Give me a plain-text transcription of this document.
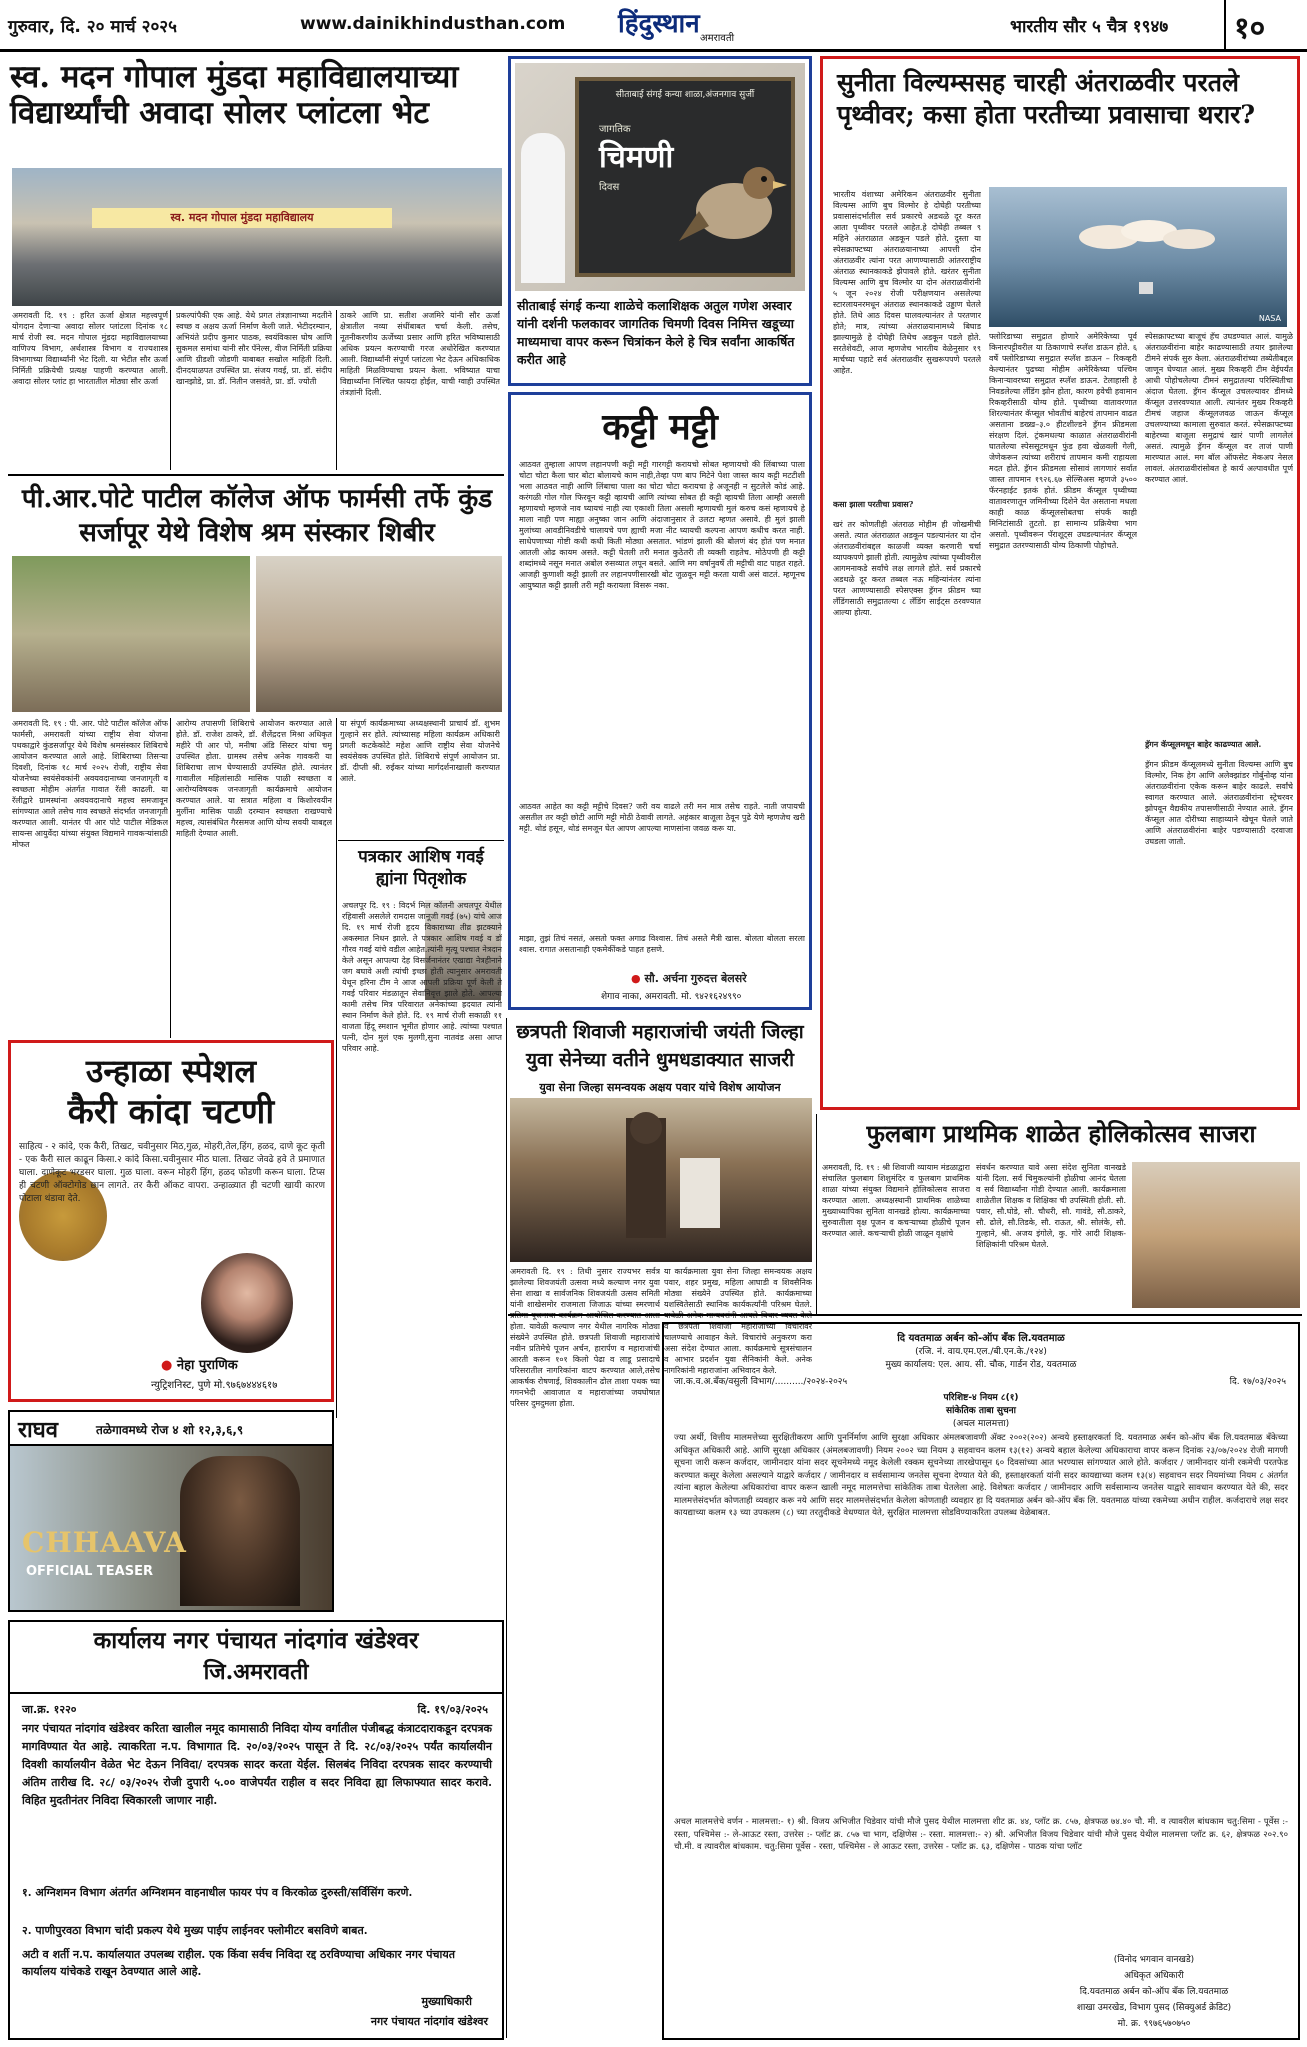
गुरुवार, दि. २० मार्च २०२५	www.dainikhindusthan.com हिंदुस्थान अमरावती
भारतीय सौर ५ चैत्र १९४७ १०
स्व. मदन गोपाल मुंडदा महाविद्यालयाच्या विद्यार्थ्यांची अवादा सोलर प्लांटला भेट
स्व. मदन गोपाल मुंडदा महाविद्यालय
अमरावती दि. १९ : हरित ऊर्जा क्षेत्रात महत्त्वपूर्ण योगदान देणाऱ्या अवादा सोलर प्लांटला दिनांक १८ मार्च रोजी स्व. मदन गोपाल मुंडदा महाविद्यालयाच्या वाणिज्य विभाग, अर्थशास्त्र विभाग व राज्यशास्त्र विभागाच्या विद्यार्थ्यांनी भेट दिली. या भेटीत सौर ऊर्जा निर्मिती प्रक्रियेची प्रत्यक्ष पाहणी करण्यात आली. अवादा सोलर प्लांट हा भारतातील मोठ्या सौर ऊर्जा
प्रकल्पांपैकी एक आहे. येथे प्रगत तंत्रज्ञानाच्या मदतीने स्वच्छ व अक्षय ऊर्जा निर्माण केली जाते. भेटीदरम्यान, अभियंते प्रदीप कुमार पाठक, स्वयंविकास घोष आणि सुकमल समांथा यांनी सौर पॅनेल्स, वीज निर्मिती प्रक्रिया आणि ग्रीडशी जोडणी याबाबत सखोल माहिती दिली. दीनदयाळपत उपस्थित प्रा. संजय गवई, प्रा. डॉ. संदीप खानझोडे, प्रा. डॉ. नितीन जसवंते, प्रा. डॉ. ज्योती
ठाकरे आणि प्रा. सतीश अजमिरे यांनी सौर ऊर्जा क्षेत्रातील नव्या संधींबाबत चर्चा केली. तसेच, नूतनीकरणीय ऊर्जेच्या प्रसार आणि हरित भविष्यासाठी अधिक प्रयत्न करण्याची गरज अधोरेखित करण्यात आली. विद्यार्थ्यांनी संपूर्ण प्लांटला भेट देऊन अधिकाधिक माहिती मिळविण्याचा प्रयत्न केला. भविष्यात याचा विद्यार्थ्यांना निश्चित फायदा होईल, याची ग्वाही उपस्थित तंत्रज्ञांनी दिली.
सीताबाई संगई कन्या शाळा,अंजनगाव सुर्जी
जागतिक
चिमणी
दिवस
सीताबाई संगई कन्या शाळेचे कलाशिक्षक अतुल गणेश अस्वार यांनी दर्शनी फलकावर जागतिक चिमणी दिवस निमित्त खडूच्या माध्यमाचा वापर करून चित्रांकन केले हे चित्र सर्वांना आकर्षित करीत आहे
सुनीता विल्यम्ससह चारही अंतराळवीर परतले पृथ्वीवर; कसा होता परतीच्या प्रवासाचा थरार?
भारतीय वंशाच्या अमेरिकन अंतराळवीर सुनीता विल्यम्स आणि बुच विल्मोर हे दोघेही परतीच्या प्रवासासंदर्भातील सर्व प्रकारचे अडथळे दूर करत आता पृथ्वीवर परतले आहेत.हे दोघेही तब्बल ९ महिने अंतराळात अडकून पडले होते. दुस्ता या स्पेसक्राफ्टच्या अंतराळयानाच्या आपत्ती दोन अंतराळवीर त्यांना परत आणण्यासाठी आंतरराष्ट्रीय अंतराळ स्थानकाकडे झेपावले होते. खरंतर सुनीता विल्यम्स आणि बुच विल्मोर या दोन अंतराळवीरांनी ५ जून २०२४ रोजी परीक्षणयान असलेल्या स्टारलायनरमधून अंतराळ स्थानकाकडे उड्डाण घेतले होते. तिथे आठ दिवस घालवल्यानंतर ते परतणार होते; मात्र, त्यांच्या अंतराळयानामध्ये बिघाड झाल्यामुळे हे दोघेही तिथेच अडकून पडले होते. सरतेशेवटी, आज म्हणजेच भारतीय वेळेनुसार १९ मार्चच्या पहाटे सर्व अंतराळवीर सुखरूपपणे परतले आहेत.
NASA
कसा झाला परतीचा प्रवास?
खरं तर कोणतीही अंतराळ मोहीम ही जोखमीची असते. त्यात अंतराळात अडकून पडल्यानंतर या दोन अंतराळवीरांबद्दल काळजी व्यक्त करणारी चर्चा व्यापकपणे झाली होती. त्यामुळेच त्यांच्या पृथ्वीवरील आगमनाकडे सर्वांचे लक्ष लागले होते. सर्व प्रकारचे अडथळे दूर करत तब्बल नऊ महिन्यांनंतर त्यांना परत आणण्यासाठी स्पेसएक्स ड्रॅगन फ्रीडम च्या लँडिंगसाठी समुद्रातल्या ८ लँडिंग साईट्स ठरवण्यात आल्या होत्या.
फ्लोरिडाच्या समुद्रात होणारे अमेरिकेच्या पूर्व किनारपट्टीवरील या ठिकाणाचे स्प्लॅश डाऊन होते. ६ वर्षे फ्लोरिडाच्या समुद्रात स्प्लॅश डाऊन – रिकव्हरी केल्यानंतर पुढच्या मोहीम अमेरिकेच्या पश्चिम किनाऱ्यावरच्या समुद्रात स्प्लॅश डाऊन. टेलाहासी हे निवडलेल्या लँडिंग झोन होता, कारण हवेची हवामान रिकव्हरीसाठी योग्य होते. पृथ्वीच्या वातावरणात शिरल्यानंतर कॅप्सूल भोवतीचं बाहेरचं तापमान वाढत असताना डख्ख–३.० हीटशील्डने ड्रॅगन फ्रीडमला संरक्षण दिलं. ट्रंकमधल्या काळात अंतराळवीरांनी घातलेल्या स्पेससूटमधून फुंड हवा खेळवली गेली, जेणेकरून त्यांच्या शरीराचं तापमान कमी राहायला मदत होते. ड्रॅगन फ्रीडमला सोसावं लागणारं सर्वात जास्त तापमान १९२६.६७ सेल्सिअस म्हणजे ३५०० फॅरनहाईट इतकं होतं. फ्रीडम कॅप्सूल पृथ्वीच्या वातावरणातून जमिनीच्या दिशेने येत असताना मधला काही काळ कॅप्सूलसोबतचा संपर्क काही मिनिटांसाठी तुटतो. हा सामान्य प्रक्रियेचा भाग असतो. पृथ्वीवरून पॅराशूट्स उघडल्यानंतर कॅप्सूल समुद्रात उतरण्यासाठी योग्य ठिकाणी पोहोचते.
स्पेसक्राफ्टच्या बाजूचं हॅच उघडण्यात आलं. यामुळे अंतराळवीरांना बाहेर काढण्यासाठी तयार झालेल्या टीमने संपर्क सुरु केला. अंतराळवीरांच्या तब्येतीबद्दल जाणून घेण्यात आलं. मुख्य रिकव्हरी टीम वेईपर्यंत आधी पोहोचलेल्या टीमनं समुद्रातल्या परिस्थितीचा अंदाज घेतला. ड्रॅगन कॅप्सूल उचलल्यावर डीमध्ये कॅप्सूल उत्तरवण्यात आली. त्यानंतर मुख्य रिकव्हरी टीमचं जहाज कॅप्सूलजवळ जाऊन कॅप्सूल उचलण्याच्या कामाला सुरुवात करतं. स्पेसक्राफ्टच्या बाहेरच्या बाजूला समुद्राचं खारं पाणी लागलेलं असतं. त्यामुळे ड्रॅगन कॅप्सूल वर ताजं पाणी मारण्यात आलं. मग बॉल ऑफसेट मेकअप नेसल लावलं. अंतराळवीरांसोबत हे कार्य अल्पावधीत पूर्ण करण्यात आलं.
ड्रॅगन कॅप्सूलमधून बाहेर काढण्यात आले.
ड्रॅगन फ्रीडम कॅप्सूलमध्ये सुनीता विल्यम्स आणि बुच विल्मोर, निक हेग आणि अलेक्झांडर गोर्बुनोव्ह यांना अंतराळवीरांना एकेक करून बाहेर काढले. सर्वांचे स्वागत करण्यात आले. अंतराळवीरांना स्ट्रेचरवर झोपवून वैद्यकीय तपासणीसाठी नेण्यात आले. ड्रॅगन कॅप्सूल आत दोरीच्या साहाय्याने खेचून घेतले जाते आणि अंतराळवीरांना बाहेर पडण्यासाठी दरवाजा उघडला जातो.
पी.आर.पोटे पाटील कॉलेज ऑफ फार्मसी तर्फे कुंड सर्जापूर येथे विशेष श्रम संस्कार शिबीर
अमरावती दि. १९ : पी. आर. पोटे पाटील कॉलेज ऑफ फार्मसी, अमरावती यांच्या राष्ट्रीय सेवा योजना पथकाद्वारे कुंडसर्जापूर येथे विशेष श्रमसंस्कार शिबिराचे आयोजन करण्यात आले आहे. शिबिराच्या तिसऱ्या दिवशी, दिनांक १८ मार्च २०२५ रोजी, राष्ट्रीय सेवा योजनेच्या स्वयंसेवकांनी अवयवदानाच्या जनजागृती व स्वच्छता मोहीम अंतर्गत गावात रॅली काढली. या रॅलीद्वारे ग्रामस्थांना अवयवदानाचे महत्त्व समजावून सांगण्यात आले तसेच गाव स्वच्छते संदर्भात जनजागृती करण्यात आली. यानंतर पी आर पोटे पाटील मेडिकल सायन्स आयुर्वेदा यांच्या संयुक्त विद्यमाने गावकऱ्यांसाठी मोफत
आरोग्य तपासणी शिबिराचे आयोजन करण्यात आले होते. डॉ. राजेश ठाकरे, डॉ. शैलेंद्रदत्त मिश्रा अधिकृत महीरे पी आर पो, मनीषा अंडि सिस्टर यांचा चमू उपस्थित होता. ग्रामस्थ तसेच अनेक गावकरी या शिबिराचा लाभ घेण्यासाठी उपस्थित होते. त्यानंतर गावातील महिलांसाठी मासिक पाळी स्वच्छता व आरोग्यविषयक जनजागृती कार्यक्रमाचे आयोजन करण्यात आले. या सत्रात महिला व किशोरवयीन मुलींना मासिक पाळी दरम्यान स्वच्छता राखण्याचे महत्त्व, त्यासंबंधित गैरसमज आणि योग्य सवयी याबद्दल माहिती देण्यात आली.
या संपूर्ण कार्यक्रमाच्या अध्यक्षस्थानी प्राचार्य डॉ. शुभम गुल्हाने सर होते. त्यांच्यासह महिला कार्यक्रम अधिकारी प्रगती कटकेकोटे महेश आणि राष्ट्रीय सेवा योजनेचे स्वयंसेवक उपस्थित होते. शिबिराचे संपूर्ण आयोजन प्रा. डॉ. दीप्ती श्री. रुईकर यांच्या मार्गदर्शनाखाली करण्यात आले.
कट्टी मट्टी
आठवत तुम्हाला आपण लहानपणी कट्टी मट्टी गारगट्टी करायचो सोबत म्हणायचो की लिंबाच्या पाला चोटा चोटा कैला चार बोटा बोलायचे काम नाही,तेव्हा पण बाप मिटेने पेशा जास्त काय कट्टी मटटीशी भला आठवत नाही आणि लिंबाचा पाला का चोटा चोटा करायचा हे अजूनही न सुटलेले कोडं आहे. करंगळी गोल गोल फिरवून कट्टी व्हायची आणि त्यांच्या सोबत ही कट्टी व्हायची तिला आम्ही असली म्हणायचो म्हणजे नाव घ्यायचं नाही त्या एकाशी तिला असली म्हणायची मुलं करुच कसं म्हणायचे हे माला नाही पण माह्या अनुष्का जान आणि अंदाजानुसार ते उलटा म्हणत असावे. ही मुलं झाली मुलांच्या आवडीनिवडीचे चालायचे पण ह्याची मजा नीट घ्यायची कल्पना आपण कधीच करत नाही. साधेपणाच्या गोष्टी कधी कधी किती मोठ्या असतात. भांडणं झाली की बोलणं बंद होतं पण मनात आतली ओढ कायम असते. कट्टी घेतली तरी मनात कुठेतरी ती व्यक्ती राहतेच. मोठेपणी ही कट्टी शब्दांमध्ये नसून मनात अबोल रुसव्यात लपून बसते. आणि मग वर्षानुवर्षे ती मट्टीची वाट पाहत राहते. आजही कुणाशी कट्टी झाली तर लहानपणीसारखी बोट जुळवून मट्टी करता यावी असं वाटतं. म्हणूनच आयुष्यात कट्टी झाली तरी मट्टी करायला विसरू नका.
आठवत आहेत का कट्टी मट्टीचे दिवस? जरी वय वाढले तरी मन मात्र तसेच राहते. नाती जपायची असतील तर कट्टी छोटी आणि मट्टी मोठी ठेवावी लागते. अहंकार बाजूला ठेवून पुढे येणे म्हणजेच खरी मट्टी. थोडं हसून, थोडं समजून घेत आपण आपल्या माणसांना जवळ करू या.
माझा, तुझं तिचं नसतं, असतो फक्त अगाढ विश्वास. तिचं असते मैत्री खास. बोलता बोलता सरला श्वास. रागात असतानाही एकमेकींकडे पाहत हसणे.
● सौ. अर्चना गुरुदत्त बेलसरे
शेगाव नाका, अमरावती. मो. ९४२१६२४९९०
उन्हाळा स्पेशल
कैरी कांदा चटणी
साहित्य - २ कांदे, एक कैरी, तिखट, चवीनुसार मिठ,गुळ, मोहरी,तेल,हिंग, हळद, दाणे कूट कृती - एक कैरी साल काढून किसा.२ कांदे किसा.चवीनुसार मीठ घाला. तिखट जेवढे हवे ते प्रमाणात घाला. दाणेकूट भरडसर घाला. गुळ घाला. वरून मोहरी हिंग, हळद फोडणी करून घाला. टिप्स ही चटणी ऑक्टोगोड छान लागते. तर कैरी ऑकट वापरा. उन्हाळ्यात ही चटणी खायी कारण पोटाला थंडावा देते.
● नेहा पुराणिक
न्युट्रिशनिस्ट, पुणे मो.९७६७४४४६१७
पत्रकार आशिष गवई ह्यांना पितृशोक
अचलपूर दि. १९ : विदर्भ मिल कॉलनी अचलपूर येथील रहिवासी असलेले रामदास जानूजी गवई (७५) यांचे आज दि. १९ मार्च रोजी हृदय विकाराच्या तीव्र झटक्याने अकस्मात निधन झाले. ते पत्रकार आशिष गवई व डॉ गौरव गवई यांचे वडील आहेत.त्यांनी मृत्यू पश्चात नेत्रदान केले असून आपल्या देह विसर्जनानंतर एखाद्या नेत्रहीनाने जग बघावे अशी त्यांची इच्छा होती त्यानुसार अमरावती येथून हरिना टीम ने आज आपली प्रक्रिया पूर्ण केली ते गवई परिवार मंडळातून सेवानिवृत्त झाले होते. आपल्या कामी तसेच मित्र परिवारात अनेकांच्या ह्रदयात त्यांनी स्थान निर्माण केले होते. दि. १९ मार्च रोजी सकाळी ११ वाजता हिंदू स्मशान भूमीत होणार आहे. त्यांच्या पश्चात पत्नी, दोन मुलं एक मुलगी,सुना नातवंड असा आप्त परिवार आहे.
छत्रपती शिवाजी महाराजांची जयंती जिल्हा युवा सेनेच्या वतीने धुमधडाक्यात साजरी
युवा सेना जिल्हा समन्वयक अक्षय पवार यांचे विशेष आयोजन
अमरावती दि. १९ : तिथी नुसार राज्यभर सर्वत्र झालेल्या शिवजयंती उत्सवा मध्ये कल्याण नगर युवा सेना शाखा व सार्वजनिक शिवजयंती उत्सव समिती यांनी शाखेसमोर राजमाता जिजाऊ यांच्या स्मरणार्थ होता. यावेळी कल्याण नगर येथील नागरिक मोठ्या संख्येने उपस्थित होते. छत्रपती शिवाजी महाराजांचे नवीन प्रतिमेचे पूजन अर्चन, हारार्पण व महाराजांची आरती करून १०१ किलो पेढा व लाडू प्रसादाचे परिसरातील नागरिकांना वाटप करण्यात आले,तसेच आकर्षक रोषणाई, शिवकालीन ढोल ताशा पथक च्या गगनभेदी आवाजात व महाराजांच्या जयघोषात परिसर दुमदुमला होता.
या कार्यक्रमाला युवा सेना जिल्हा समन्वयक अक्षय पवार, शहर प्रमुख, महिला आघाडी व शिवसैनिक मोठ्या संख्येने उपस्थित होते. कार्यक्रमाच्या यशस्वितेसाठी स्थानिक कार्यकर्त्यांनी परिश्रम घेतले. व छत्रपती शिवाजी महाराजांच्या विचारांवर चालण्याचे आवाहन केले. विचारांचे अनुकरण करा असा संदेश देण्यात आला. कार्यक्रमाचे सूत्रसंचालन व आभार प्रदर्शन युवा सैनिकांनी केले. अनेक नागरिकांनी महाराजांना अभिवादन केले.
फुलबाग प्राथमिक शाळेत होलिकोत्सव साजरा
अमरावती, दि. १९ : श्री शिवाजी व्यायाम मंडळाद्वारा संचालित फुलबाग शिशुमंदिर व फुलबाग प्राथमिक शाळा यांच्या संयुक्त विद्यमाने होलिकोत्सव साजरा करण्यात आला. अध्यक्षस्थानी प्राथमिक शाळेच्या मुख्याध्यापिका सुनिता वानखडे होत्या. कार्यक्रमाच्या सुरुवातीला वृक्ष पूजन व कचऱ्याच्या होळीचे पूजन करण्यात आले. कचऱ्याची होळी जाळून वृक्षांचे
संवर्धन करण्यात यावे असा संदेश सुनिता वानखडे यांनी दिला. सर्व चिमुकल्यांनी होळीचा आनंद घेतला व सर्व विद्यार्थ्यांना गोडी देण्यात आली. कार्यक्रमाला शाळेतील शिक्षक व शिक्षिका ची उपस्थिती होती. सौ. पवार, सौ.घोडे, सौ. चौधरी, सौ. गावंडे, सौ.ठाकरे, सौ. ढोले, सौ.तिडके, सौ. राऊत, श्री. सोलंके, सौ. गुल्हाने, श्री. अजय इंगोले, कु. गोरे आदी शिक्षक-शिक्षिकांनी परिश्रम घेतले.
राघव	तळेगावमध्ये रोज ४ शो १२,३,६,९
CHHAAVA
OFFICIAL TEASER
कार्यालय नगर पंचायत नांदगांव खंडेश्वर
जि.अमरावती
जा.क्र. १२२०	दि. १९/०३/२०२५
नगर पंचायत नांदगांव खंडेश्वर करिता खालील नमूद कामासाठी निविदा योग्य वर्गातील पंजीबद्ध कंत्राटदाराकडून दरपत्रक मागविण्यात येत आहे. त्याकरिता न.प. विभागात दि. २०/०३/२०२५ पासून ते दि. २८/०३/२०२५ पर्यंत कार्यालयीन दिवशी कार्यालयीन वेळेत भेट देऊन निविदा/ दरपत्रक सादर करता येईल. सिलबंद निविदा दरपत्रक सादर करण्याची अंतिम तारीख दि. २८/ ०३/२०२५ रोजी दुपारी ५.०० वाजेपर्यंत राहील व सदर निविदा ह्या लिफाफ्यात सादर करावे. विहित मुदतीनंतर निविदा स्विकारली जाणार नाही.
१. अग्निशमन विभाग अंतर्गत अग्निशमन वाहनाधील फायर पंप व किरकोळ दुरुस्ती/सर्विसिंग करणे.
२. पाणीपुरवठा विभाग चांदी प्रकल्प येथे मुख्य पाईप लाईनवर फ्लोमीटर बसविणे बाबत.
अटी व शर्ती न.प. कार्यालयात उपलब्ध राहील. एक किंवा सर्वच निविदा रद्द ठरविण्याचा अधिकार नगर पंचायत कार्यालय यांचेकडे राखून ठेवण्यात आले आहे.
मुख्याधिकारी
नगर पंचायत नांदगांव खंडेश्वर
दि यवतमाळ अर्बन को-ऑप बँक लि.यवतमाळ
(रजि. नं. वाय.एम.एल./बी.एन.के./१२४)
मुख्य कार्यालय: एल. आय. सी. चौक, गार्डन रोड, यवतमाळ
जा.क.व.अ.बँक/वसुली विभाग/........../२०२४-२०२५	दि. १७/०३/२०२५
परिशिष्ट-४ नियम ८(१)
सांकेतिक ताबा सुचना
(अचल मालमत्ता)
ज्या अर्थी, वित्तीय मालमत्तेच्या सुरक्षितीकरण आणि पुनर्निर्माण आणि सुरक्षा अधिकार अंमलबजावणी ॲक्ट २००२(२०२) अन्वये हस्ताक्षरकर्ता दि. यवतमाळ अर्बन को-ऑप बँक लि.यवतमाळ बँकेच्या अधिकृत अधिकारी आहे. आणि सुरक्षा अधिकार (अंमलबजावणी) नियम २००२ च्या नियम ३ सहवाचन कलम १३(१२) अन्वये बहाल केलेल्या अधिकाराचा वापर करून दिनांक २३/०७/२०२४ रोजी मागणी सूचना जारी करून कर्जदार, जामीनदार यांना सदर सूचनेमध्ये नमूद केलेली रक्कम सूचनेच्या तारखेपासून ६० दिवसांच्या आत भरण्यास सांगण्यात आले होते. कर्जदार / जामीनदार यांनी रकमेची परतफेड करण्यात कसूर केलेला असल्याने याद्वारे कर्जदार / जामीनदार व सर्वसामान्य जनतेस सूचना देण्यात येते की, हस्ताक्षरकर्ता यांनी सदर कायद्याच्या कलम १३(४) सहवाचन सदर नियमांच्या नियम ८ अंतर्गत त्यांना बहाल केलेल्या अधिकारांचा वापर करून खाली नमूद मालमत्तेचा सांकेतिक ताबा घेतलेला आहे. विशेषतः कर्जदार / जामीनदार आणि सर्वसामान्य जनतेस याद्वारे सावधान करण्यात येते की, सदर मालमत्तेसंदर्भात कोणताही व्यवहार करू नये आणि सदर मालमत्तेसंदर्भात केलेला कोणताही व्यवहार हा दि यवतमाळ अर्बन को-ऑप बँक लि. यवतमाळ यांच्या रकमेच्या अधीन राहील. कर्जदाराचे लक्ष सदर कायद्याच्या कलम १३ च्या उपकलम (८) च्या तरतुदीकडे वेधण्यात येते, सुरक्षित मालमत्ता सोडविण्याकरिता उपलब्ध वेळेबाबत.
अचल मालमत्तेचे वर्णन - मालमत्ता:- १) श्री. विजय अभिजीत चिडेवार यांची मौजे पुसद येथील मालमत्ता शीट क्र. ४४, प्लॉट क्र. ८५७, क्षेत्रफळ ७४.४० चौ. मी. व त्यावरील बांधकाम चतु:सिमा - पूर्वेस :- रस्ता, पश्चिमेस :- ले-आऊट रस्ता, उत्तरेस :- प्लॉट क्र. ८५७ चा भाग, दक्षिणेस :- रस्ता. मालमत्ता:- २) श्री. अभिजीत विजय चिडेवार यांची मौजे पुसद येथील मालमत्ता प्लॉट क्र. ६२, क्षेत्रफळ २०२.९० चौ.मी. व त्यावरील बांधकाम. चतु:सिमा पूर्वेस - रस्ता, पश्चिमेस - ले आऊट रस्ता, उत्तरेस - प्लॉट क्र. ६३, दक्षिणेस - पाठक यांचा प्लॉट
(विनोद भगवान वानखडे)
अधिकृत अधिकारी
दि.यवतमाळ अर्बन को-ऑप बँक लि.यवतमाळ
शाखा उमरखेड, विभाग पुसद (सिक्युअर्ड क्रेडिट)
मो. क्र. ९९७६५७०७५०
